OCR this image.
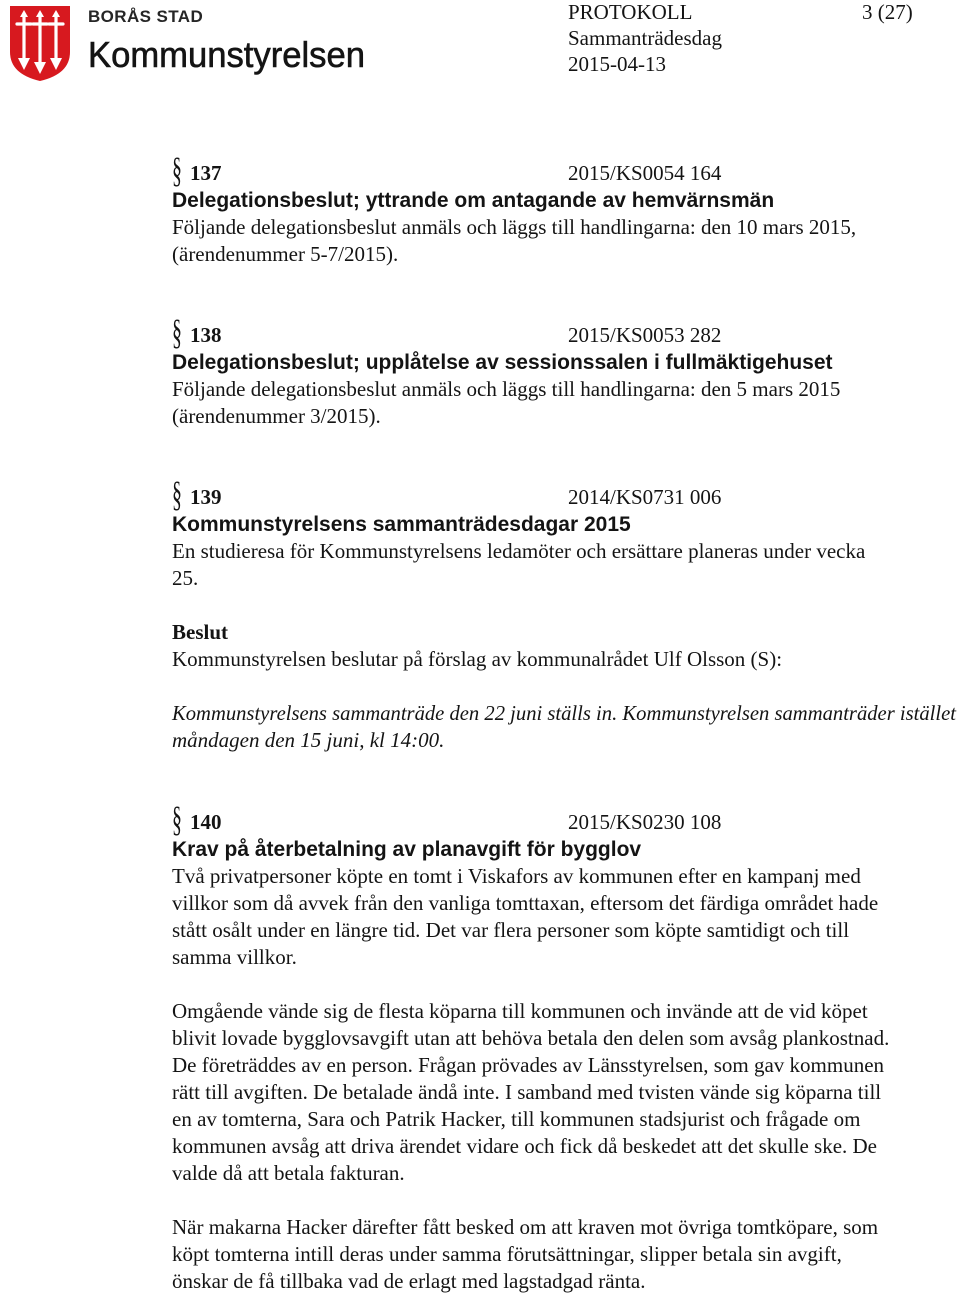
BORÅS STAD
Kommunstyrelsen
PROTOKOLL	3 (27)
Sammanträdesdag
2015-04-13
§ 137	2015/KS0054 164
Delegationsbeslut; yttrande om antagande av hemvärnsmän
Följande delegationsbeslut anmäls och läggs till handlingarna: den 10 mars 2015,
(ärendenummer 5-7/2015).
§ 138	2015/KS0053 282
Delegationsbeslut; upplåtelse av sessionssalen i fullmäktigehuset
Följande delegationsbeslut anmäls och läggs till handlingarna: den 5 mars 2015
(ärendenummer 3/2015).
§ 139	2014/KS0731 006
Kommunstyrelsens sammanträdesdagar 2015
En studieresa för Kommunstyrelsens ledamöter och ersättare planeras under vecka
25.
Beslut
Kommunstyrelsen beslutar på förslag av kommunalrådet Ulf Olsson (S):
Kommunstyrelsens sammanträde den 22 juni ställs in. Kommunstyrelsen sammanträder istället
måndagen den 15 juni, kl 14:00.
§ 140	2015/KS0230 108
Krav på återbetalning av planavgift för bygglov
Två privatpersoner köpte en tomt i Viskafors av kommunen efter en kampanj med
villkor som då avvek från den vanliga tomttaxan, eftersom det färdiga området hade
stått osålt under en längre tid. Det var flera personer som köpte samtidigt och till
samma villkor.
Omgående vände sig de flesta köparna till kommunen och invände att de vid köpet
blivit lovade bygglovsavgift utan att behöva betala den delen som avsåg plankostnad.
De företräddes av en person. Frågan prövades av Länsstyrelsen, som gav kommunen
rätt till avgiften. De betalade ändå inte. I samband med tvisten vände sig köparna till
en av tomterna, Sara och Patrik Hacker, till kommunen stadsjurist och frågade om
kommunen avsåg att driva ärendet vidare och fick då beskedet att det skulle ske. De
valde då att betala fakturan.
När makarna Hacker därefter fått besked om att kraven mot övriga tomtköpare, som
köpt tomterna intill deras under samma förutsättningar, slipper betala sin avgift,
önskar de få tillbaka vad de erlagt med lagstadgad ränta.
